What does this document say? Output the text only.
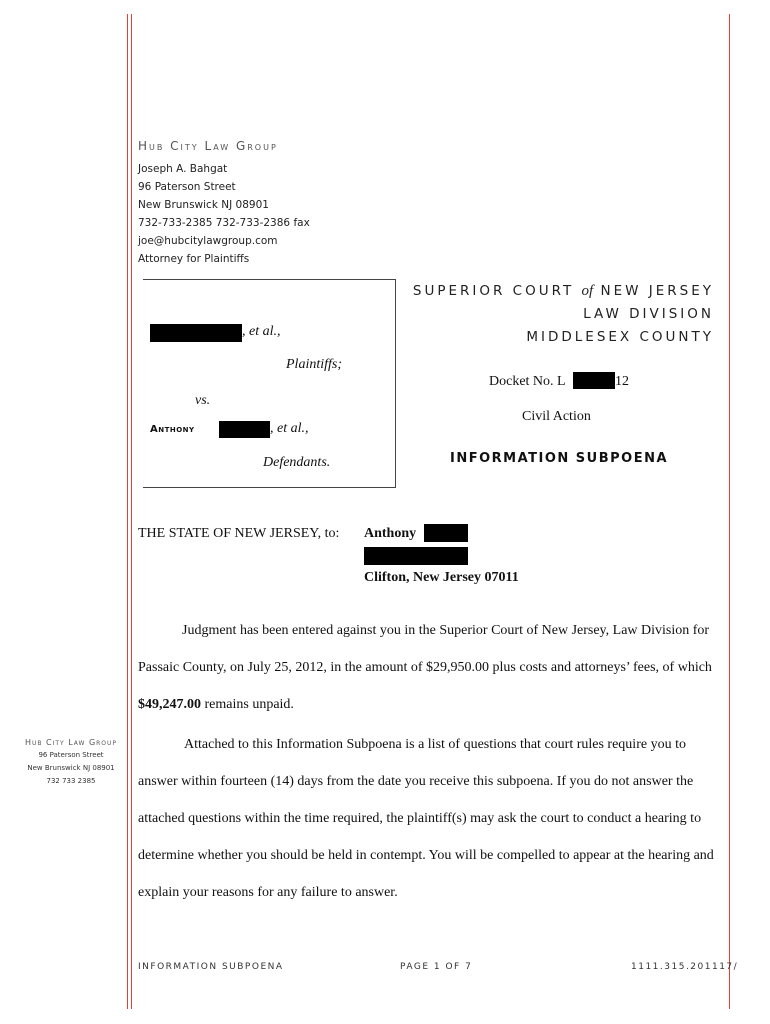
Hub City Law Group
Joseph A. Bahgat
96 Paterson Street
New Brunswick NJ 08901
732-733-2385 732-733-2386 fax
joe@hubcitylawgroup.com
Attorney for Plaintiffs
, et al.,
Plaintiffs;
vs.
Anthony	, et al.,
Defendants.
SUPERIOR COURT of NEW JERSEY
LAW DIVISION
MIDDLESEX COUNTY
Docket No. L	12
Civil Action
INFORMATION SUBPOENA
THE STATE OF NEW JERSEY, to: Anthony
Clifton, New Jersey 07011
Judgment has been entered against you in the Superior Court of New Jersey, Law Division for Passaic County, on July 25, 2012, in the amount of $29,950.00 plus costs and attorneys’ fees, of which $49,247.00 remains unpaid.
Attached to this Information Subpoena is a list of questions that court rules require you to answer within fourteen (14) days from the date you receive this subpoena. If you do not answer the attached questions within the time required, the plaintiff(s) may ask the court to conduct a hearing to determine whether you should be held in contempt. You will be compelled to appear at the hearing and explain your reasons for any failure to answer.
Hub City Law Group
96 Paterson Street
New Brunswick NJ 08901
732 733 2385
INFORMATION SUBPOENA	PAGE 1 OF 7	1111.315.201117/
